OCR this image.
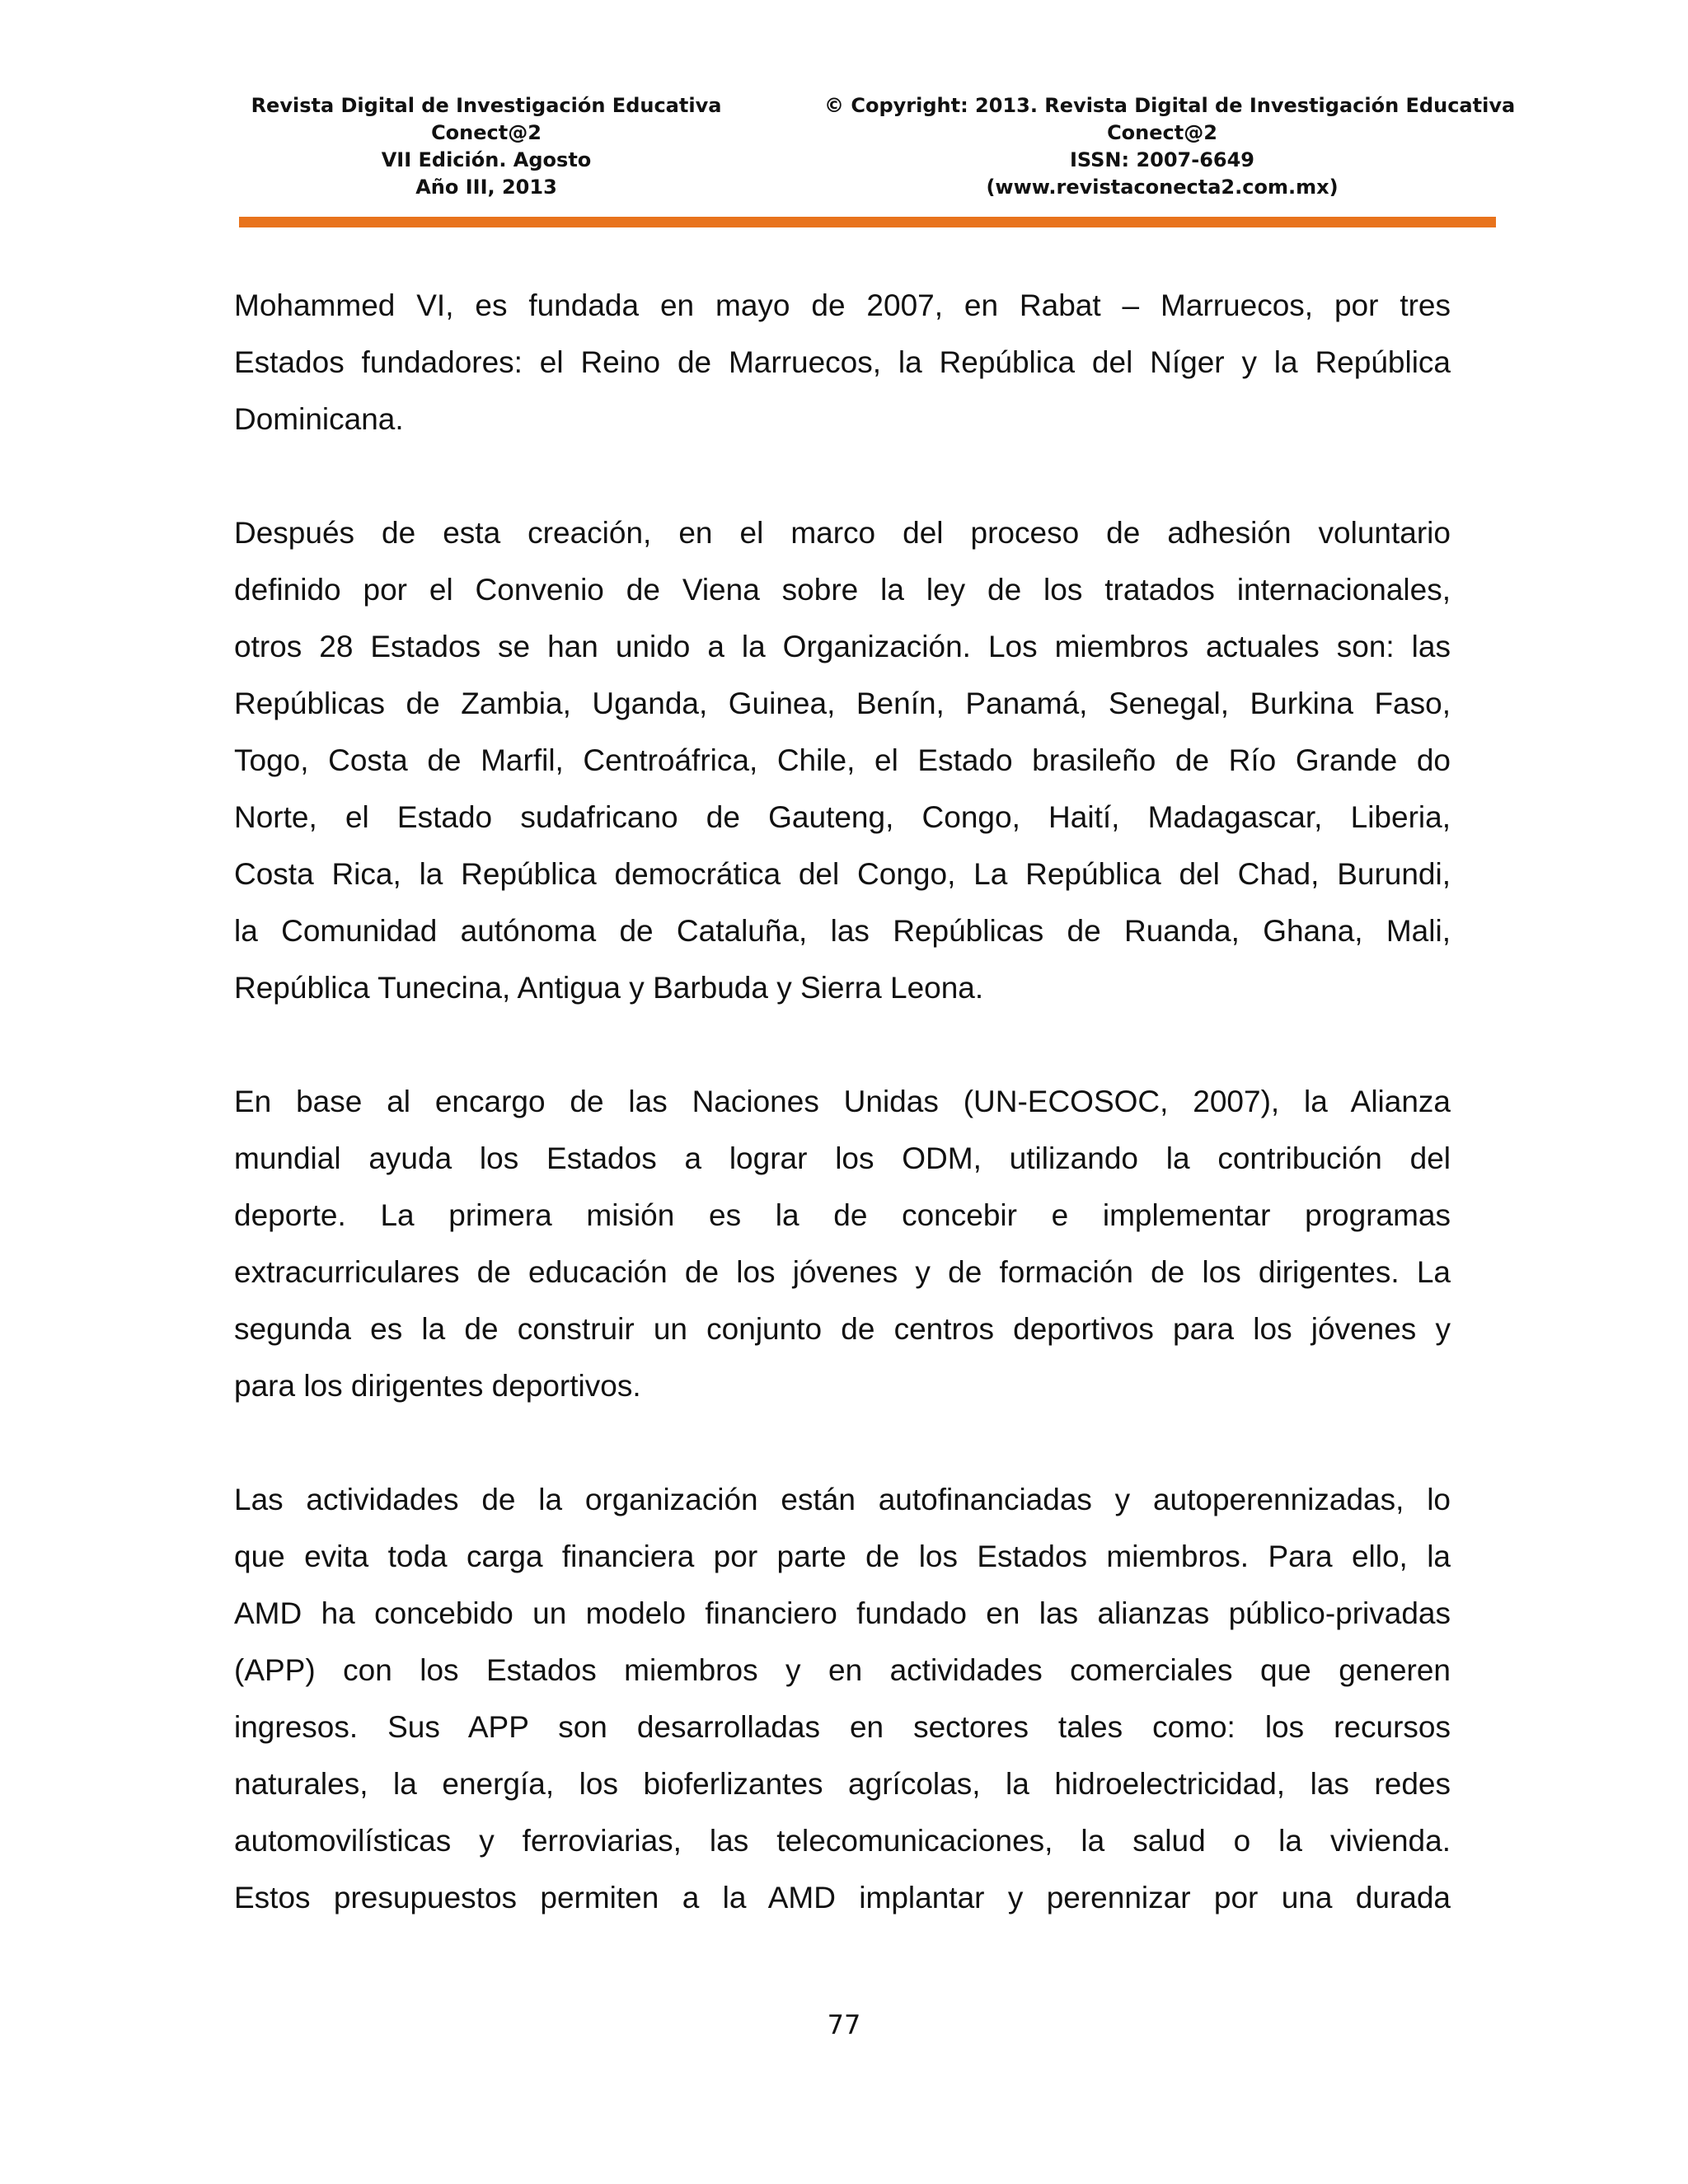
Revista Digital de Investigación Educativa
Conect@2
VII Edición. Agosto
Año III, 2013
© Copyright: 2013. Revista Digital de Investigación Educativa
Conect@2
ISSN: 2007-6649
(www.revistaconecta2.com.mx)
Mohammed VI, es fundada en mayo de 2007, en Rabat – Marruecos, por tres
Estados fundadores: el Reino de Marruecos, la República del Níger y la República
Dominicana.
Después de esta creación, en el marco del proceso de adhesión voluntario
definido por el Convenio de Viena sobre la ley de los tratados internacionales,
otros 28 Estados se han unido a la Organización. Los miembros actuales son: las
Repúblicas de Zambia, Uganda, Guinea, Benín, Panamá, Senegal, Burkina Faso,
Togo, Costa de Marfil, Centroáfrica, Chile, el Estado brasileño de Río Grande do
Norte, el Estado sudafricano de Gauteng, Congo, Haití, Madagascar, Liberia,
Costa Rica, la República democrática del Congo, La República del Chad, Burundi,
la Comunidad autónoma de Cataluña, las Repúblicas de Ruanda, Ghana, Mali,
República Tunecina, Antigua y Barbuda y Sierra Leona.
En base al encargo de las Naciones Unidas (UN-ECOSOC, 2007), la Alianza
mundial ayuda los Estados a lograr los ODM, utilizando la contribución del
deporte. La primera misión es la de concebir e implementar programas
extracurriculares de educación de los jóvenes y de formación de los dirigentes. La
segunda es la de construir un conjunto de centros deportivos para los jóvenes y
para los dirigentes deportivos.
Las actividades de la organización están autofinanciadas y autoperennizadas, lo
que evita toda carga financiera por parte de los Estados miembros. Para ello, la
AMD ha concebido un modelo financiero fundado en las alianzas público-privadas
(APP) con los Estados miembros y en actividades comerciales que generen
ingresos. Sus APP son desarrolladas en sectores tales como: los recursos
naturales, la energía, los bioferlizantes agrícolas, la hidroelectricidad, las redes
automovilísticas y ferroviarias, las telecomunicaciones, la salud o la vivienda.
Estos presupuestos permiten a la AMD implantar y perennizar por una durada
77
